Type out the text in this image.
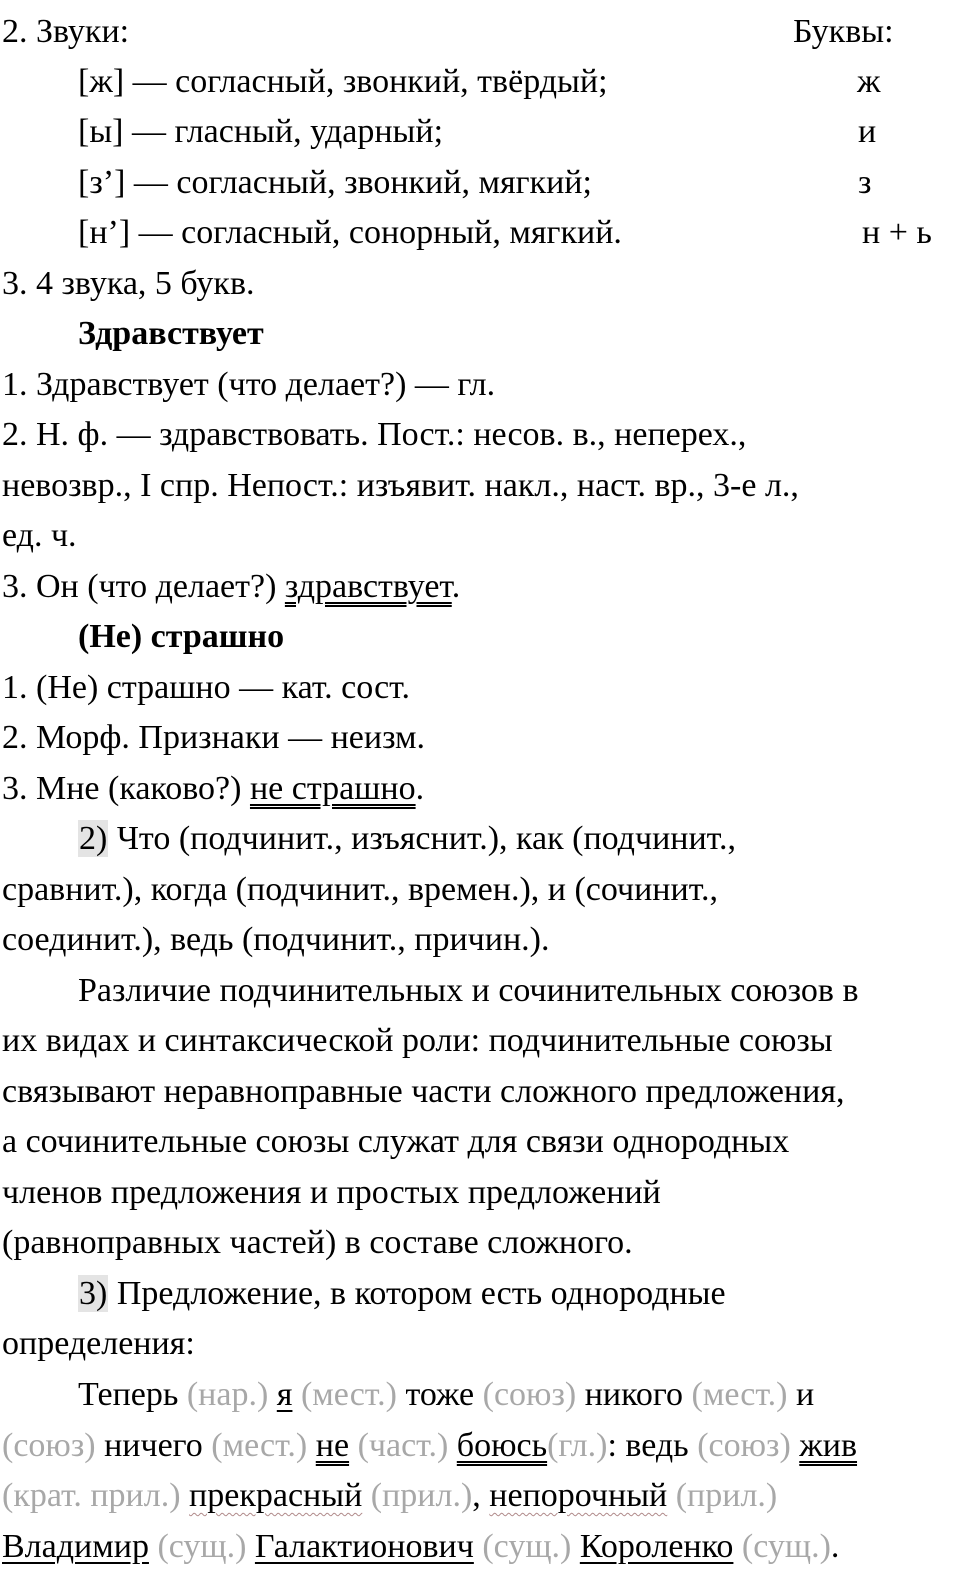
2. Звуки:	Буквы:
[ж] — согласный, звонкий, твёрдый;	ж
[ы] — гласный, ударный;	и
[з’] — согласный, звонкий, мягкий;	з
[н’] — согласный, сонорный, мягкий.	н + ь
3. 4 звука, 5 букв.
Здравствует
1. Здравствует (что делает?) — гл.
2. Н. ф. — здравствовать. Пост.: несов. в., неперех.,
невозвр., I спр. Непост.: изъявит. накл., наст. вр., 3-е л.,
ед. ч.
3. Он (что делает?) здравствует.
(Не) страшно
1. (Не) страшно — кат. сост.
2. Морф. Признаки — неизм.
3. Мне (каково?) не страшно.
2) Что (подчинит., изъяснит.), как (подчинит.,
сравнит.), когда (подчинит., времен.), и (сочинит.,
соединит.), ведь (подчинит., причин.).
Различие подчинительных и сочинительных союзов в
их видах и синтаксической роли: подчинительные союзы
связывают неравноправные части сложного предложения,
а сочинительные союзы служат для связи однородных
членов предложения и простых предложений
(равноправных частей) в составе сложного.
3) Предложение, в котором есть однородные
определения:
Теперь (нар.) я (мест.) тоже (союз) никого (мест.) и
(союз) ничего (мест.) не (част.) боюсь(гл.): ведь (союз) жив
(крат. прил.) прекрасный (прил.), непорочный (прил.)
Владимир (сущ.) Галактионович (сущ.) Короленко (сущ.).
